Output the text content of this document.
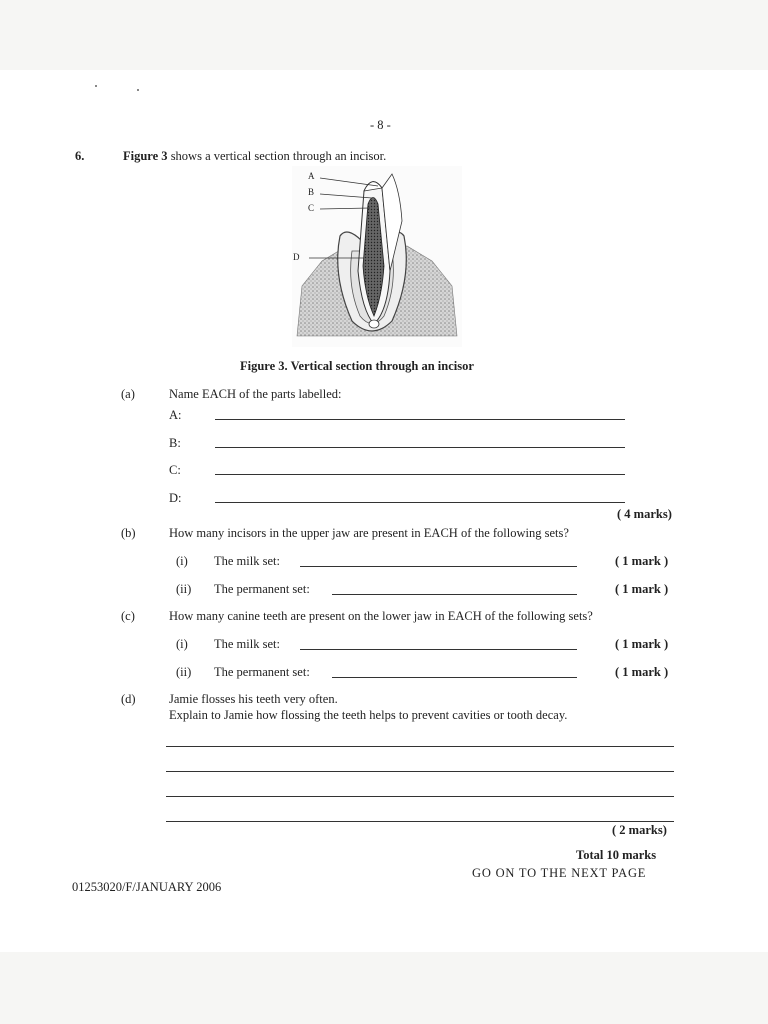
- 8 -
6.	Figure 3 shows a vertical section through an incisor.
A
B
C
D
Figure 3. Vertical section through an incisor
(a)	Name EACH of the parts labelled:
A:
B:
C:
D:
( 4 marks)
(b)	How many incisors in the upper jaw are present in EACH of the following sets?
(i) The milk set:	( 1 mark )
(ii) The permanent set:	( 1 mark )
(c)	How many canine teeth are present on the lower jaw in EACH of the following sets?
(i) The milk set:	( 1 mark )
(ii) The permanent set:	( 1 mark )
(d)	Jamie flosses his teeth very often.
Explain to Jamie how flossing the teeth helps to prevent cavities or tooth decay.
( 2 marks)
Total 10 marks
GO ON TO THE NEXT PAGE
01253020/F/JANUARY 2006
